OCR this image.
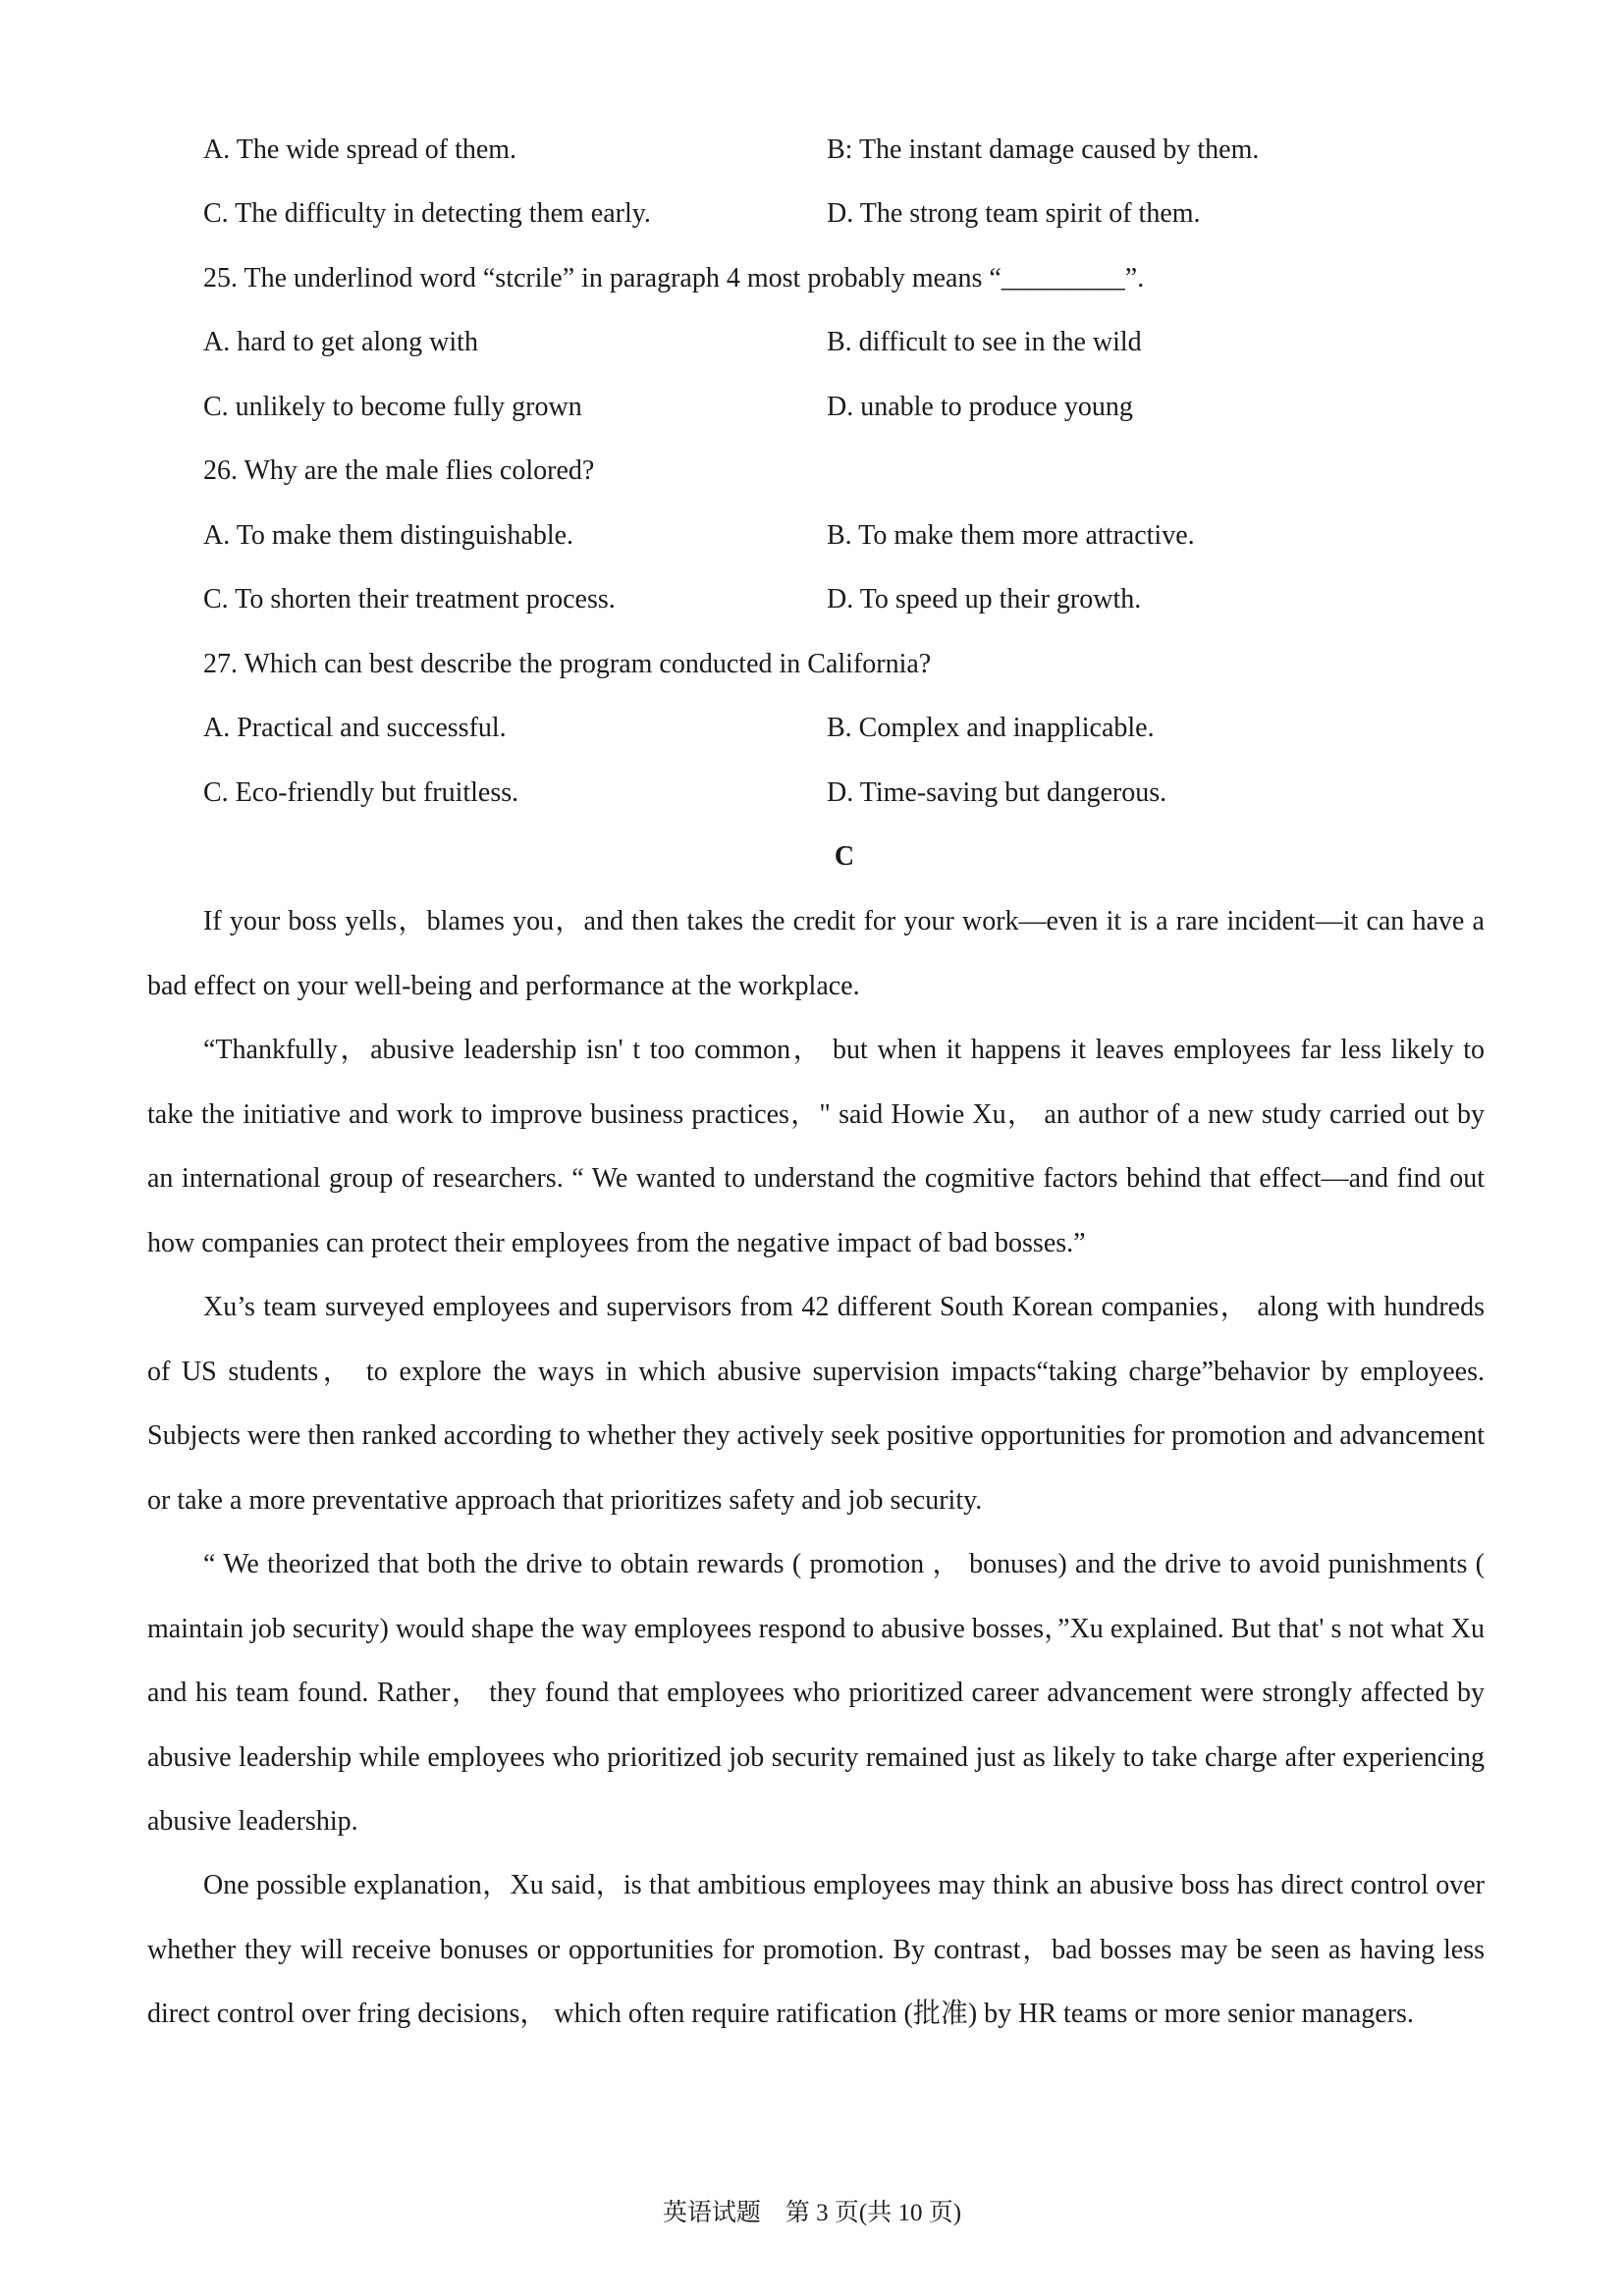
A. The wide spread of them.	B: The instant damage caused by them.
C. The difficulty in detecting them early.	D. The strong team spirit of them.
25. The underlinod word “stcrile” in paragraph 4 most probably means “_________”.
A. hard to get along with	B. difficult to see in the wild
C. unlikely to become fully grown	D. unable to produce young
26. Why are the male flies colored?
A. To make them distinguishable.	B. To make them more attractive.
C. To shorten their treatment process.	D. To speed up their growth.
27. Which can best describe the program conducted in California?
A. Practical and successful.	B. Complex and inapplicable.
C. Eco-friendly but fruitless.	D. Time-saving but dangerous.
C

If your boss yells，blames you，and then takes the credit for your work—even it is a rare incident—it can have a bad effect on your well-being and performance at the workplace.

“Thankfully，abusive leadership isn' t too common， but when it happens it leaves employees far less likely to take the initiative and work to improve business practices，" said Howie Xu， an author of a new study carried out by an international group of researchers. “ We wanted to understand the cogmitive factors behind that effect—and find out how companies can protect their employees from the negative impact of bad bosses.”

Xu’s team surveyed employees and supervisors from 42 different South Korean companies， along with hundreds of US students， to explore the ways in which abusive supervision impacts“taking charge”behavior by employees. Subjects were then ranked according to whether they actively seek positive opportunities for promotion and advancement or take a more preventative approach that prioritizes safety and job security.

“ We theorized that both the drive to obtain rewards ( promotion ， bonuses) and the drive to avoid punishments ( maintain job security) would shape the way employees respond to abusive bosses，”Xu explained. But that' s not what Xu and his team found. Rather， they found that employees who prioritized career advancement were strongly affected by abusive leadership while employees who prioritized job security remained just as likely to take charge after experiencing abusive leadership.

One possible explanation，Xu said，is that ambitious employees may think an abusive boss has direct control over whether they will receive bonuses or opportunities for promotion. By contrast，bad bosses may be seen as having less direct control over fring decisions， which often require ratification (批准) by HR teams or more senior managers.

英语试题　第 3 页(共 10 页)
